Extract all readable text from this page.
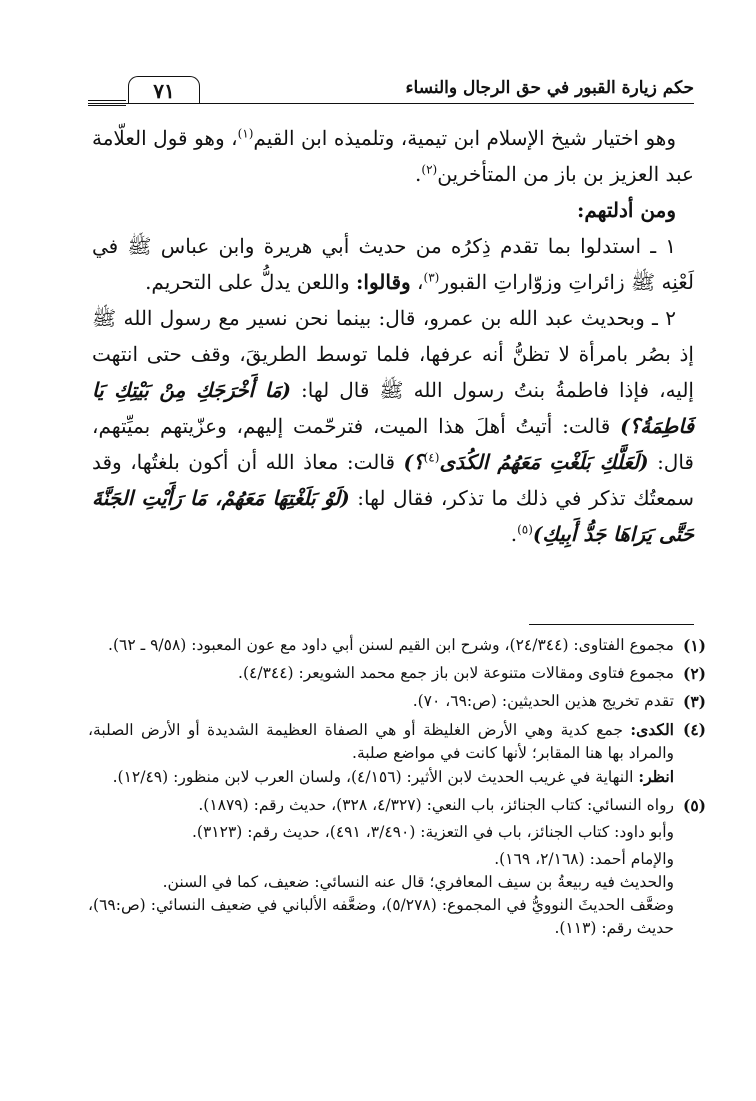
حكم زيارة القبور في حق الرجال والنساء
٧١

وهو اختيار شيخ الإسلام ابن تيمية، وتلميذه ابن القيم$^{(١)}$، وهو قول العلّامة عبد العزيز بن باز من المتأخرين$^{(٢)}$.

ومن أدلتهم:

١ ـ استدلوا بما تقدم ذِكرُه من حديث أبي هريرة وابن عباس ﷺ في لَعْنِه ﷺ زائراتِ وزوّاراتِ القبور$^{(٣)}$، وقالوا: واللعن يدلُّ على التحريم.

٢ ـ وبحديث عبد الله بن عمرو، قال: بينما نحن نسير مع رسول الله ﷺ إذ بصُر بامرأة لا تظنُّ أنه عرفها، فلما توسط الطريقَ، وقف حتى انتهت إليه، فإذا فاطمةُ بنتُ رسول الله ﷺ قال لها: (مَا أَخْرَجَكِ مِنْ بَيْتِكِ يَا فَاطِمَةُ؟) قالت: أتيتُ أهلَ هذا الميت، فترحّمت إليهم، وعزّيتهم بميِّتهم، قال: (لَعَلَّكِ بَلَغْتِ مَعَهُمُ الكُدَى$^{(٤)}$؟) قالت: معاذ الله أن أكون بلغتُها، وقد سمعتُك تذكر في ذلك ما تذكر، فقال لها: (لَوْ بَلَغْتِهَا مَعَهُمْ، مَا رَأَيْتِ الجَنَّةَ حَتَّى يَرَاهَا جَدُّ أَبِيكِ)$^{(٥)}$.

(١)

مجموع الفتاوى: (٢٤/٣٤٤)، وشرح ابن القيم لسنن أبي داود مع عون المعبود: (٩/٥٨ ـ ٦٢).

(٢)

مجموع فتاوى ومقالات متنوعة لابن باز جمع محمد الشويعر: (٤/٣٤٤).

(٣)

تقدم تخريج هذين الحديثين: (ص:٦٩، ٧٠).

(٤)

الكدى: جمع كدية وهي الأرض الغليظة أو هي الصفاة العظيمة الشديدة أو الأرض الصلبة، والمراد بها هنا المقابر؛ لأنها كانت في مواضع صلبة.

انظر: النهاية في غريب الحديث لابن الأثير: (٤/١٥٦)، ولسان العرب لابن منظور: (١٢/٤٩).

(٥)

رواه النسائي: كتاب الجنائز، باب النعي: (٤/٣٢٧، ٣٢٨)، حديث رقم: (١٨٧٩).

وأبو داود: كتاب الجنائز، باب في التعزية: (٣/٤٩٠، ٤٩١)، حديث رقم: (٣١٢٣).

والإمام أحمد: (٢/١٦٨، ١٦٩).

والحديث فيه ربيعةُ بن سيف المعافري؛ قال عنه النسائي: ضعيف، كما في السنن.

وضعَّف الحديثَ النوويُّ في المجموع: (٥/٢٧٨)، وضعَّفه الألباني في ضعيف النسائي: (ص:٦٩)، حديث رقم: (١١٣).
